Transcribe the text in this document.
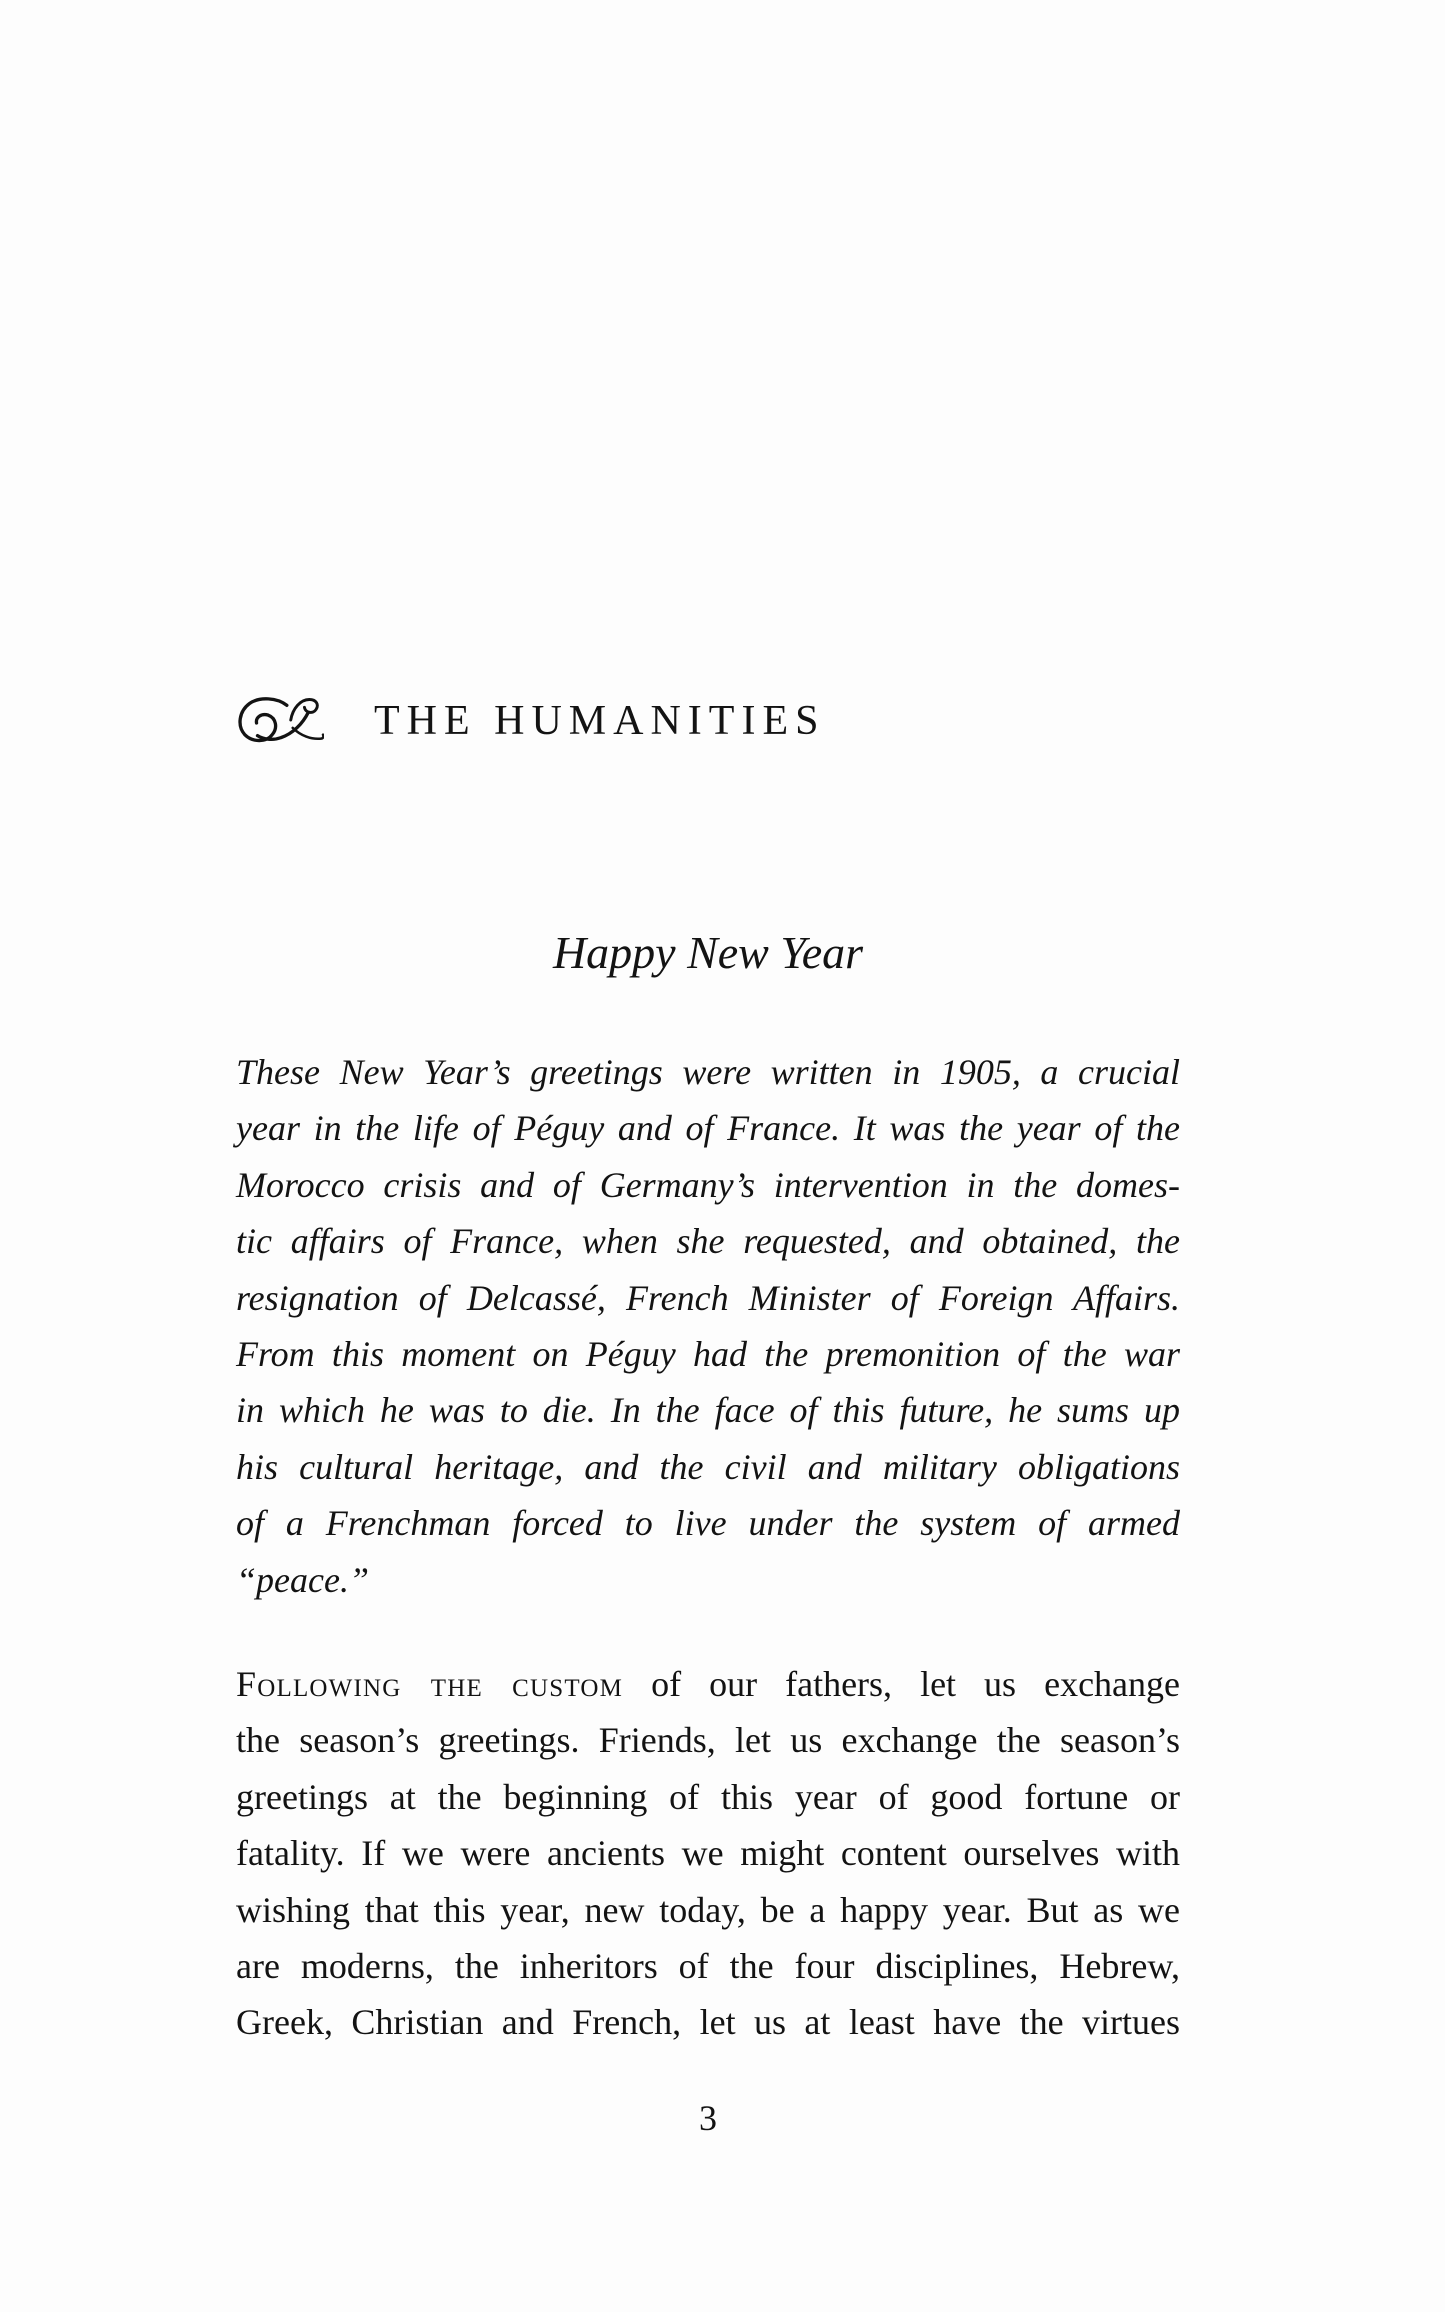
THE HUMANITIES
Happy New Year
These New Year’s greetings were written in 1905, a crucial
year in the life of Péguy and of France. It was the year of the
Morocco crisis and of Germany’s intervention in the domes-
tic affairs of France, when she requested, and obtained, the
resignation of Delcassé, French Minister of Foreign Affairs.
From this moment on Péguy had the premonition of the war
in which he was to die. In the face of this future, he sums up
his cultural heritage, and the civil and military obligations
of a Frenchman forced to live under the system of armed
“peace.”
Following the custom of our fathers, let us exchange
the season’s greetings. Friends, let us exchange the season’s
greetings at the beginning of this year of good fortune or
fatality. If we were ancients we might content ourselves with
wishing that this year, new today, be a happy year. But as we
are moderns, the inheritors of the four disciplines, Hebrew,
Greek, Christian and French, let us at least have the virtues
3
